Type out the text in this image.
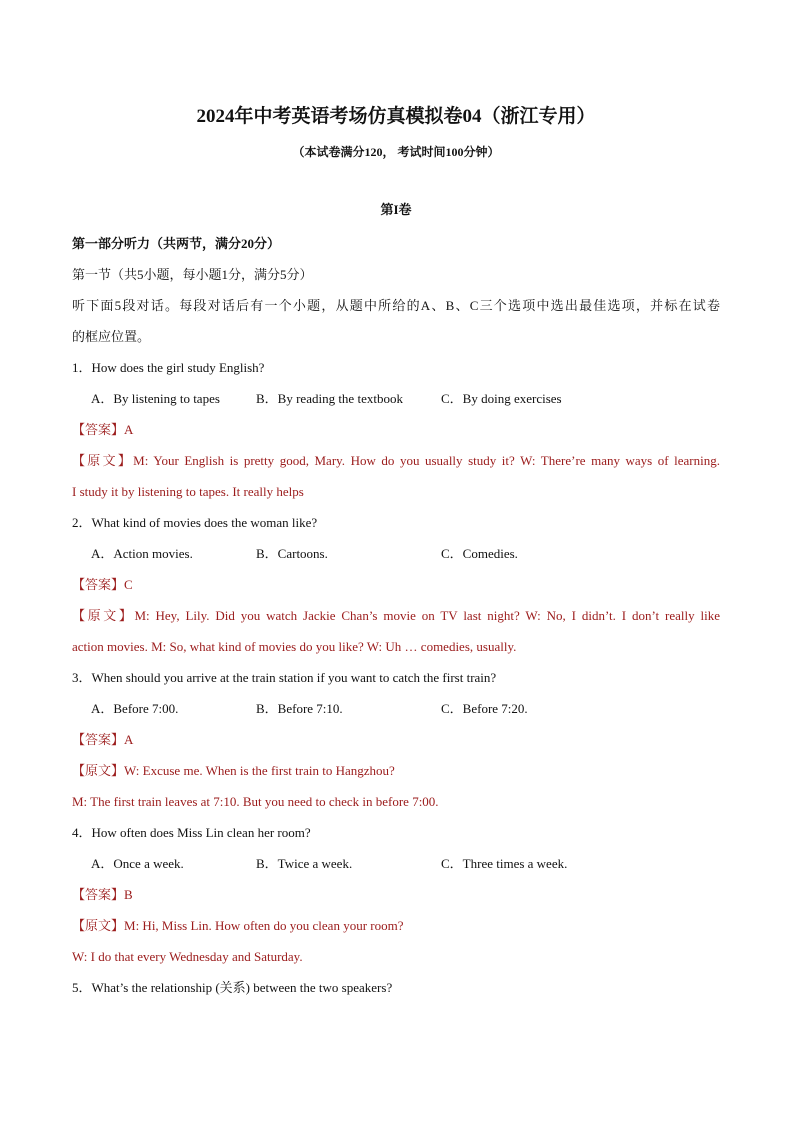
2024年中考英语考场仿真模拟卷04（浙江专用）

（本试卷满分120， 考试时间100分钟）

第I卷

第一部分听力（共两节，满分20分）

第一节（共5小题，每小题1分，满分5分）

听下面5段对话。每段对话后有一个小题，从题中所给的A、B、C三个选项中选出最佳选项，并标在试卷

的框应位置。

1．How does the girl study English?

A．By listening to tapes	B．By reading the textbook	C．By doing exercises

【答案】A

【原文】M: Your English is pretty good, Mary. How do you usually study it? W: There’re many ways of learning.

I study it by listening to tapes. It really helps

2．What kind of movies does the woman like?

A．Action movies.	B．Cartoons.	C．Comedies.

【答案】C

【原文】M: Hey, Lily. Did you watch Jackie Chan’s movie on TV last night? W: No, I didn’t. I don’t really like

action movies. M: So, what kind of movies do you like? W: Uh … comedies, usually.

3．When should you arrive at the train station if you want to catch the first train?

A．Before 7:00.	B．Before 7:10.	C．Before 7:20.

【答案】A

【原文】W: Excuse me. When is the first train to Hangzhou?

M: The first train leaves at 7:10. But you need to check in before 7:00.

4．How often does Miss Lin clean her room?

A．Once a week.	B．Twice a week.	C．Three times a week.

【答案】B

【原文】M: Hi, Miss Lin. How often do you clean your room?

W: I do that every Wednesday and Saturday.

5．What’s the relationship (关系) between the two speakers?
